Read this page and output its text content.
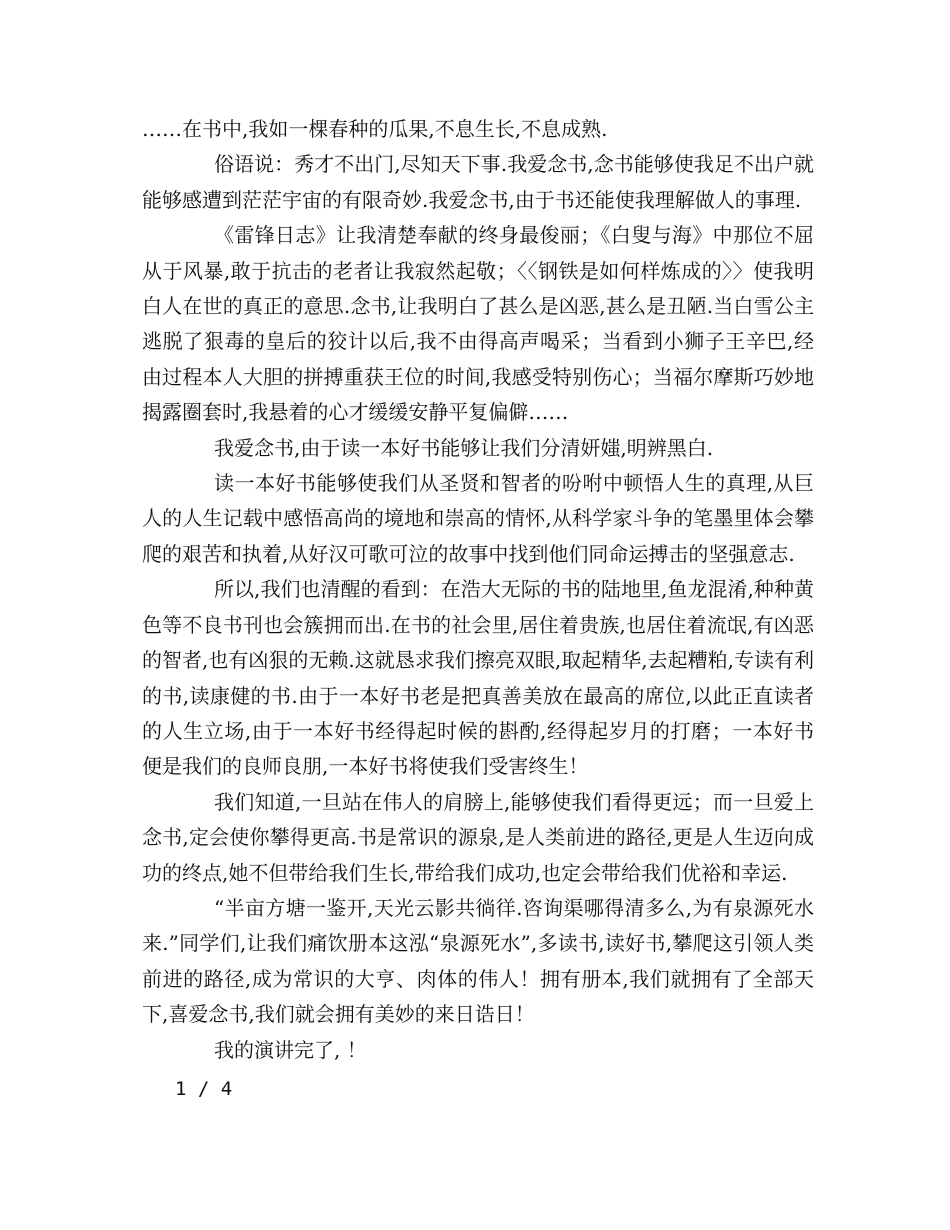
……在书中,我如一棵春种的瓜果,不息生长,不息成熟.

俗语说：秀才不出门,尽知天下事.我爱念书,念书能够使我足不出户就能够感遭到茫茫宇宙的有限奇妙.我爱念书,由于书还能使我理解做人的事理.

《雷锋日志》让我清楚奉献的终身最俊丽；《白叟与海》中那位不屈从于风暴,敢于抗击的老者让我寂然起敬；〈〈钢铁是如何样炼成的〉〉使我明白人在世的真正的意思.念书,让我明白了甚么是凶恶,甚么是丑陋.当白雪公主逃脱了狠毒的皇后的狡计以后,我不由得高声喝采；当看到小狮子王辛巴,经由过程本人大胆的拼搏重获王位的时间,我感受特别伤心；当福尔摩斯巧妙地揭露圈套时,我悬着的心才缓缓安静平复偏僻……

我爱念书,由于读一本好书能够让我们分清妍媸,明辨黑白.

读一本好书能够使我们从圣贤和智者的吩咐中顿悟人生的真理,从巨人的人生记载中感悟高尚的境地和崇高的情怀,从科学家斗争的笔墨里体会攀爬的艰苦和执着,从好汉可歌可泣的故事中找到他们同命运搏击的坚强意志.

所以,我们也清醒的看到：在浩大无际的书的陆地里,鱼龙混淆,种种黄色等不良书刊也会簇拥而出.在书的社会里,居住着贵族,也居住着流氓,有凶恶的智者,也有凶狠的无赖.这就恳求我们擦亮双眼,取起精华,去起糟粕,专读有利的书,读康健的书.由于一本好书老是把真善美放在最高的席位,以此正直读者的人生立场,由于一本好书经得起时候的斟酌,经得起岁月的打磨；一本好书便是我们的良师良朋,一本好书将使我们受害终生！

我们知道,一旦站在伟人的肩膀上,能够使我们看得更远；而一旦爱上念书,定会使你攀得更高.书是常识的源泉,是人类前进的路径,更是人生迈向成功的终点,她不但带给我们生长,带给我们成功,也定会带给我们优裕和幸运.

“半亩方塘一鉴开,天光云影共徜徉.咨询渠哪得清多么,为有泉源死水来.”同学们,让我们痛饮册本这泓“泉源死水”,多读书,读好书,攀爬这引领人类前进的路径,成为常识的大亨、肉体的伟人！拥有册本,我们就拥有了全部天下,喜爱念书,我们就会拥有美妙的来日诰日！

我的演讲完了, ！

1 / 4
